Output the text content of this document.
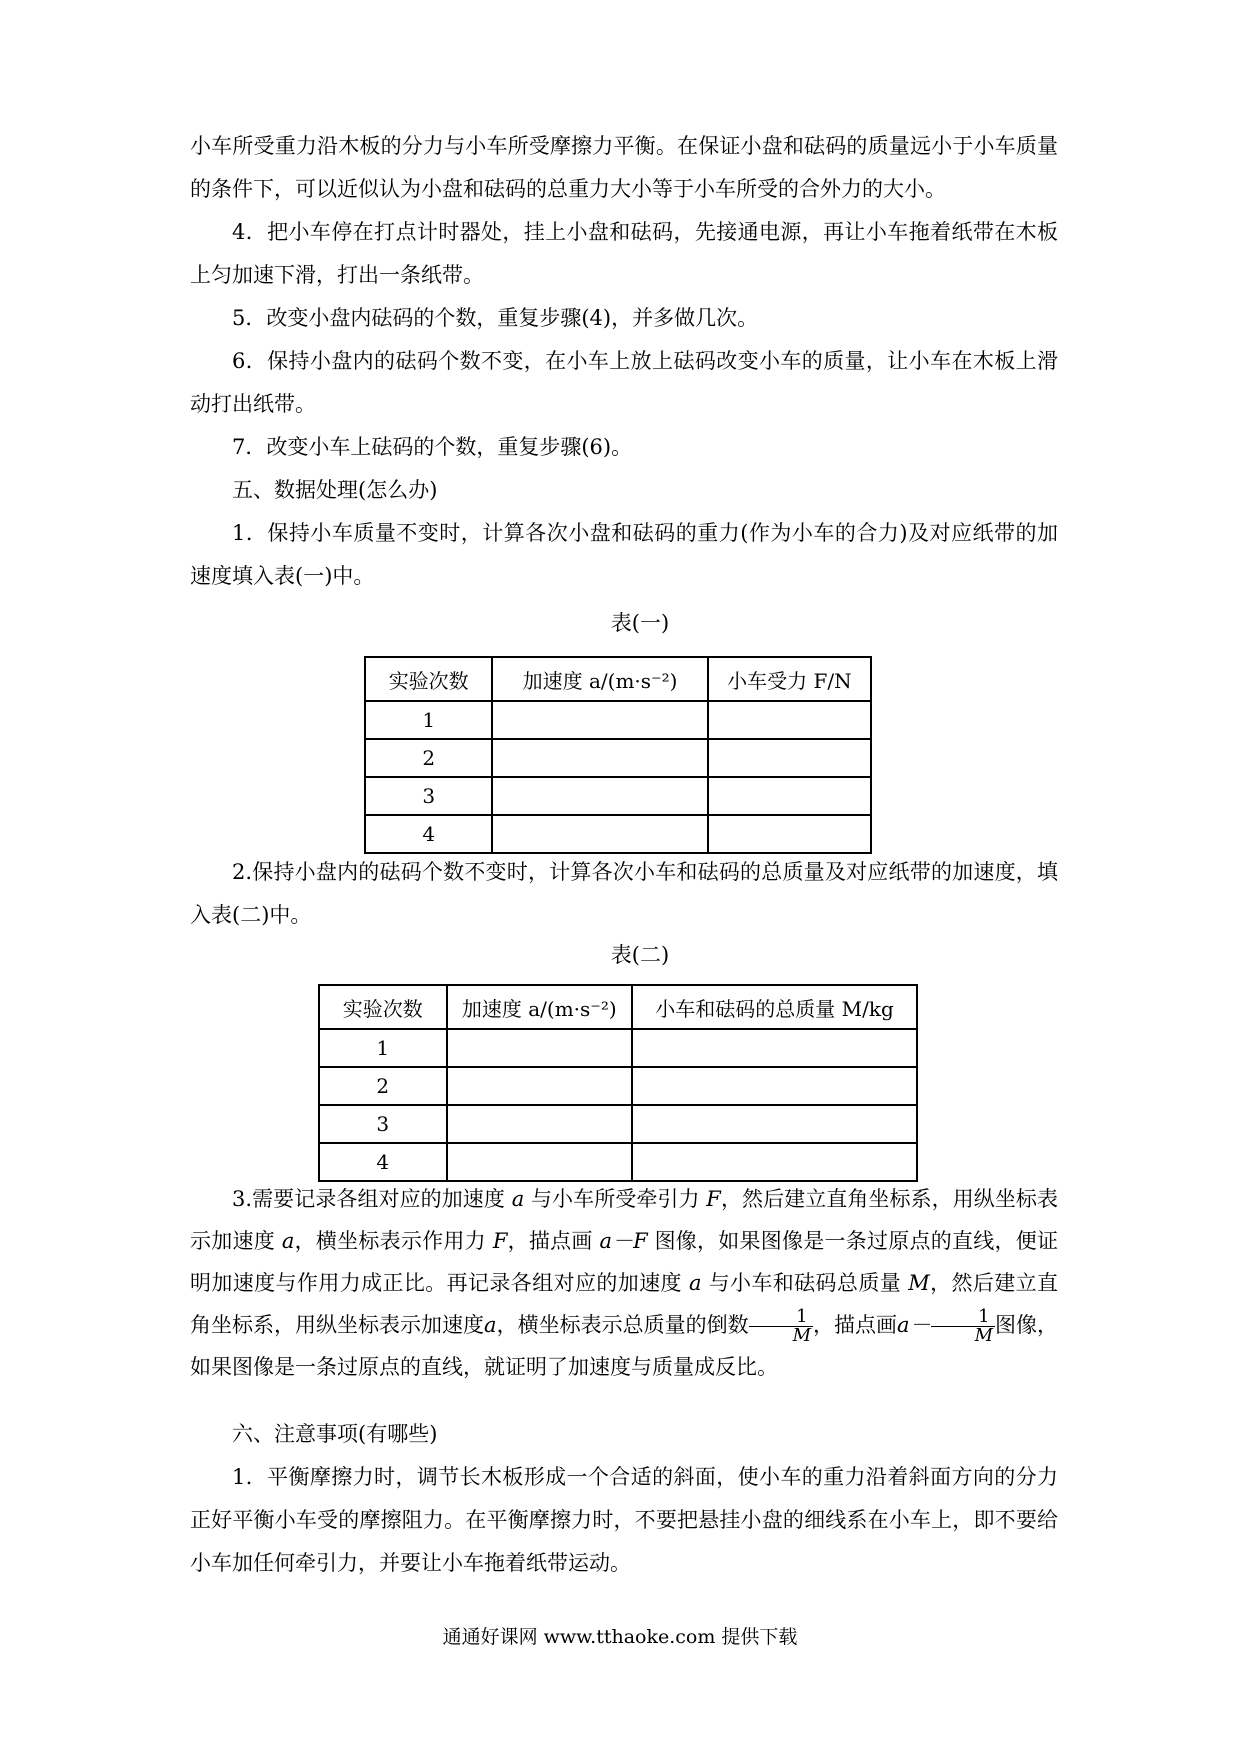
小车所受重力沿木板的分力与小车所受摩擦力平衡。在保证小盘和砝码的质量远小于小车质量的条件下，可以近似认为小盘和砝码的总重力大小等于小车所受的合外力的大小。
4．把小车停在打点计时器处，挂上小盘和砝码，先接通电源，再让小车拖着纸带在木板上匀加速下滑，打出一条纸带。
5．改变小盘内砝码的个数，重复步骤(4)，并多做几次。
6．保持小盘内的砝码个数不变，在小车上放上砝码改变小车的质量，让小车在木板上滑动打出纸带。
7．改变小车上砝码的个数，重复步骤(6)。
五、数据处理(怎么办)
1．保持小车质量不变时，计算各次小盘和砝码的重力(作为小车的合力)及对应纸带的加速度填入表(一)中。
表(一)
实验次数	加速度 a/(m·s⁻²)	小车受力 F/N
1		
2		
3		
4		
2.保持小盘内的砝码个数不变时，计算各次小车和砝码的总质量及对应纸带的加速度，填入表(二)中。
表(二)
实验次数	加速度 a/(m·s⁻²)	小车和砝码的总质量 M/kg
1		
2		
3		
4		
3.需要记录各组对应的加速度 a 与小车所受牵引力 F，然后建立直角坐标系，用纵坐标表示加速度 a，横坐标表示作用力 F，描点画 a－F 图像，如果图像是一条过原点的直线，便证明加速度与作用力成正比。再记录各组对应的加速度 a 与小车和砝码总质量 M，然后建立直角坐标系，用纵坐标表示加速度a，横坐标表示总质量的倒数 $\frac{1}{M}$ ，描点画$a- \frac{1}{M}$ 图像，如果图像是一条过原点的直线，就证明了加速度与质量成反比。
六、注意事项(有哪些)
1．平衡摩擦力时，调节长木板形成一个合适的斜面，使小车的重力沿着斜面方向的分力正好平衡小车受的摩擦阻力。在平衡摩擦力时，不要把悬挂小盘的细线系在小车上，即不要给小车加任何牵引力，并要让小车拖着纸带运动。
通通好课网 www.tthaoke.com 提供下载
